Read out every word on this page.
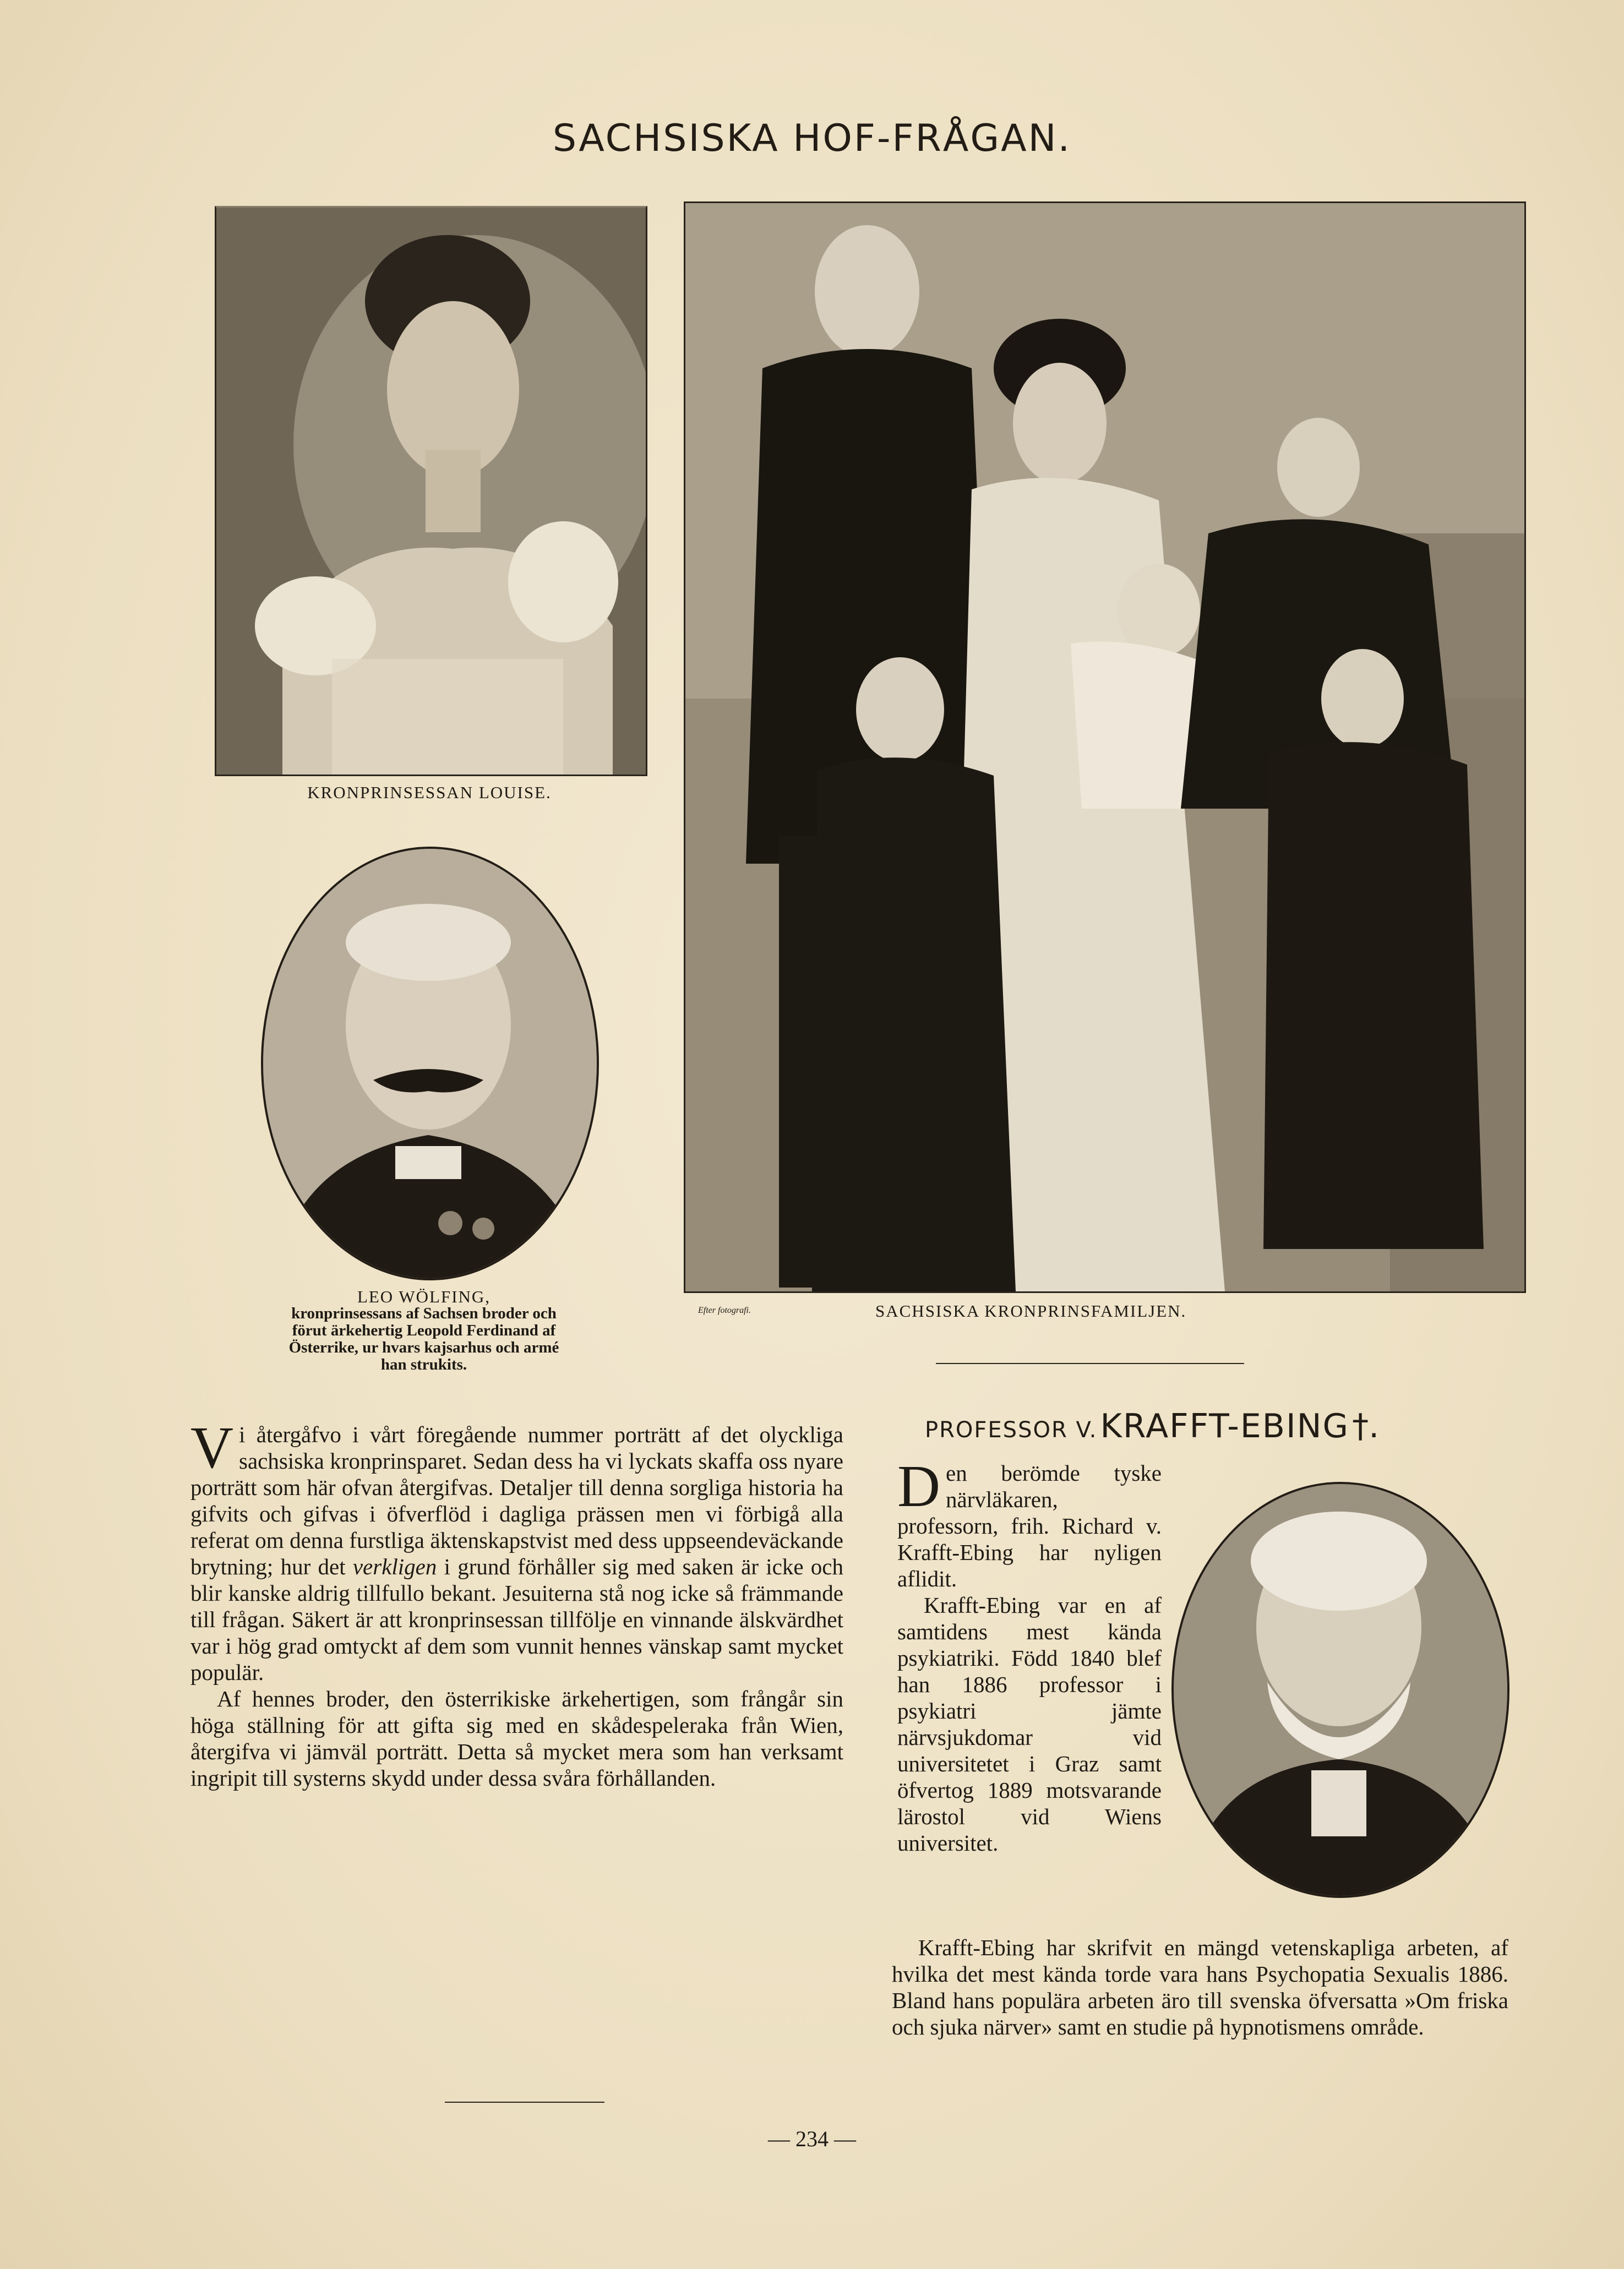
SACHSISKA HOF-FRÅGAN.
KRONPRINSESSAN LOUISE.
LEO WÖLFING,
kronprinsessans af Sachsen broder och
förut ärkehertig Leopold Ferdinand af
Österrike, ur hvars kajsarhus och armé
han strukits.
Efter fotografi.	SACHSISKA KRONPRINSFAMILJEN.

Vi återgåfvo i vårt föregående nummer porträtt af det olyckliga sachsiska kronprinsparet. Sedan dess ha vi lyckats skaffa oss nyare porträtt som här ofvan återgifvas. Detaljer till denna sorgliga historia ha gifvits och gifvas i öfverflöd i dagliga prässen men vi förbigå alla referat om denna furstliga äktenskapstvist med dess uppseendeväckande brytning; hur det verkligen i grund förhåller sig med saken är icke och blir kanske aldrig tillfullo bekant. Jesuiterna stå nog icke så främmande till frågan. Säkert är att kronprinsessan tillfölje en vinnande älskvärdhet var i hög grad omtyckt af dem som vunnit hennes vänskap samt mycket populär.

Af hennes broder, den österrikiske ärkehertigen, som frångår sin höga ställning för att gifta sig med en skådespeleraka från Wien, återgifva vi jämväl porträtt. Detta så mycket mera som han verksamt ingripit till systerns skydd under dessa svåra förhållanden.

PROFESSOR V. KRAFFT-EBING †.

Den berömde tyske närvläkaren, professorn, frih. Richard v. Krafft-Ebing har nyligen aflidit.

Krafft-Ebing var en af samtidens mest kända psykiatriki. Född 1840 blef han 1886 professor i psykiatri jämte närvsjukdomar vid universitetet i Graz samt öfvertog 1889 motsvarande lärostol vid Wiens universitet.

Krafft-Ebing har skrifvit en mängd vetenskapliga arbeten, af hvilka det mest kända torde vara hans Psychopatia Sexualis 1886. Bland hans populära arbeten äro till svenska öfversatta »Om friska och sjuka närver» samt en studie på hypnotismens område.

— 234 —
